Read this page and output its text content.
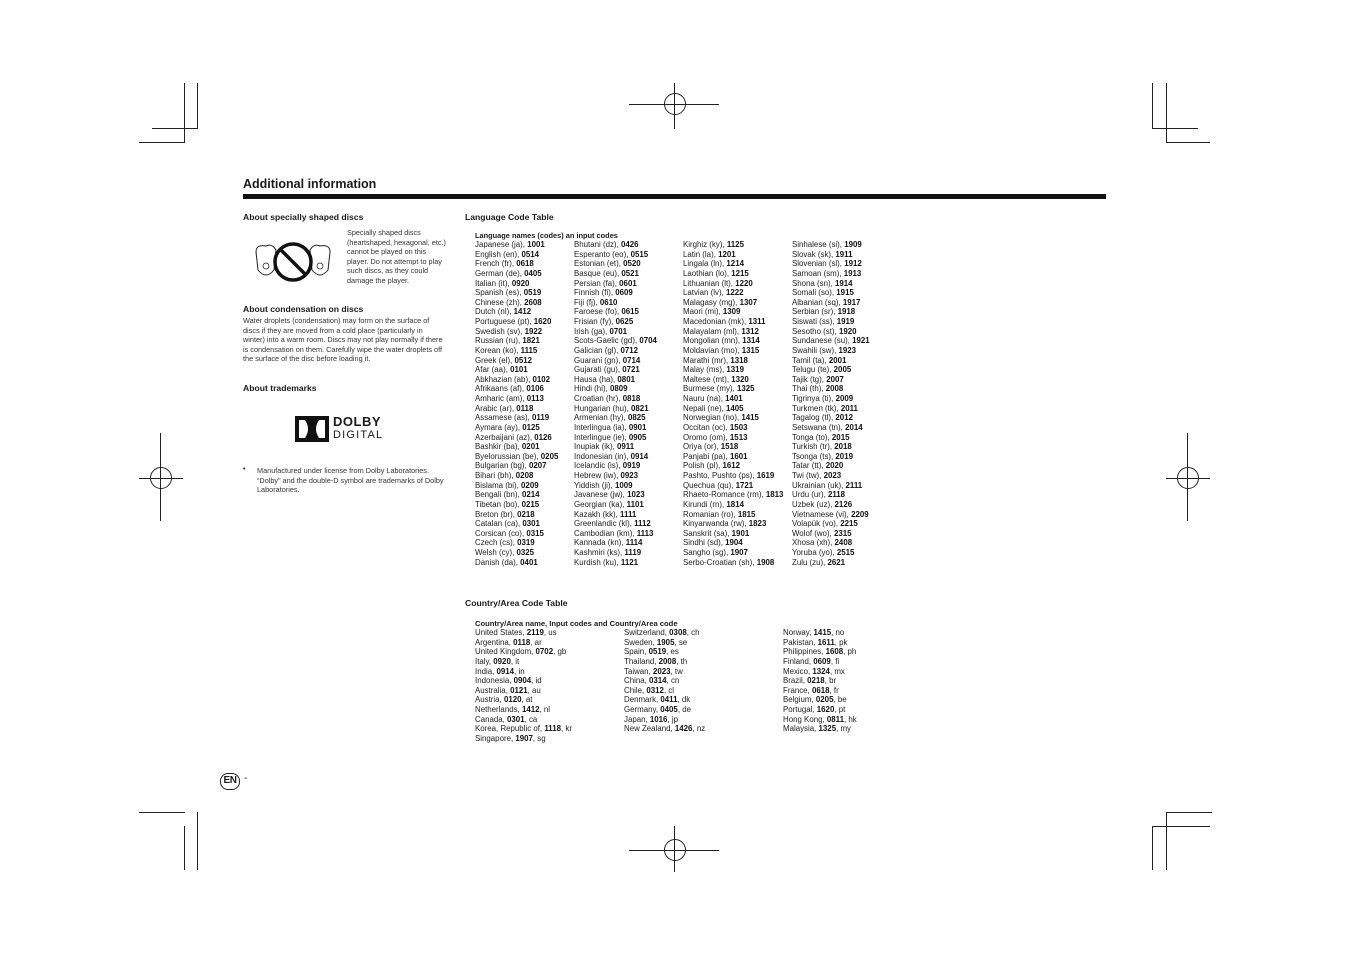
Additional information
About specially shaped discs
Specially shaped discs (heartshaped, hexagonal, etc.) cannot be played on this player. Do not attempt to play such discs, as they could damage the player.
About condensation on discs
Water droplets (condensation) may form on the surface of discs if they are moved from a cold place (particularly in winter) into a warm room. Discs may not play normally if there is condensation on them. Carefully wipe the water droplets off the surface of the disc before loading it.
About trademarks
DOLBY
DIGITAL
• Manufactured under license from Dolby Laboratories. “Dolby” and the double-D symbol are trademarks of Dolby Laboratories.
Language Code Table
Language names (codes) an input codes
Japanese (ja), 1001
English (en), 0514
French (fr), 0618
German (de), 0405
Italian (it), 0920
Spanish (es), 0519
Chinese (zh), 2608
Dutch (nl), 1412
Portuguese (pt), 1620
Swedish (sv), 1922
Russian (ru), 1821
Korean (ko), 1115
Greek (el), 0512
Afar (aa), 0101
Abkhazian (ab), 0102
Afrikaans (af), 0106
Amharic (am), 0113
Arabic (ar), 0118
Assamese (as), 0119
Aymara (ay), 0125
Azerbaijani (az), 0126
Bashkir (ba), 0201
Byelorussian (be), 0205
Bulgarian (bg), 0207
Bihari (bh), 0208
Bislama (bi), 0209
Bengali (bn), 0214
Tibetan (bo), 0215
Breton (br), 0218
Catalan (ca), 0301
Corsican (co), 0315
Czech (cs), 0319
Welsh (cy), 0325
Danish (da), 0401
Bhutani (dz), 0426
Esperanto (eo), 0515
Estonian (et), 0520
Basque (eu), 0521
Persian (fa), 0601
Finnish (fi), 0609
Fiji (fj), 0610
Faroese (fo), 0615
Frisian (fy), 0625
Irish (ga), 0701
Scots-Gaelic (gd), 0704
Galician (gl), 0712
Guarani (gn), 0714
Gujarati (gu), 0721
Hausa (ha), 0801
Hindi (hi), 0809
Croatian (hr), 0818
Hungarian (hu), 0821
Armenian (hy), 0825
Interlingua (ia), 0901
Interlingue (ie), 0905
Inupiak (ik), 0911
Indonesian (in), 0914
Icelandic (is), 0919
Hebrew (iw), 0923
Yiddish (ji), 1009
Javanese (jw), 1023
Georgian (ka), 1101
Kazakh (kk), 1111
Greenlandic (kl), 1112
Cambodian (km), 1113
Kannada (kn), 1114
Kashmiri (ks), 1119
Kurdish (ku), 1121
Kirghiz (ky), 1125
Latin (la), 1201
Lingala (ln), 1214
Laothian (lo), 1215
Lithuanian (lt), 1220
Latvian (lv), 1222
Malagasy (mg), 1307
Maori (mi), 1309
Macedonian (mk), 1311
Malayalam (ml), 1312
Mongolian (mn), 1314
Moldavian (mo), 1315
Marathi (mr), 1318
Malay (ms), 1319
Maltese (mt), 1320
Burmese (my), 1325
Nauru (na), 1401
Nepali (ne), 1405
Norwegian (no), 1415
Occitan (oc), 1503
Oromo (om), 1513
Oriya (or), 1518
Panjabi (pa), 1601
Polish (pl), 1612
Pashto, Pushto (ps), 1619
Quechua (qu), 1721
Rhaeto-Romance (rm), 1813
Kirundi (rn), 1814
Romanian (ro), 1815
Kinyarwanda (rw), 1823
Sanskrit (sa), 1901
Sindhi (sd), 1904
Sangho (sg), 1907
Serbo-Croatian (sh), 1908
Sinhalese (si), 1909
Slovak (sk), 1911
Slovenian (sl), 1912
Samoan (sm), 1913
Shona (sn), 1914
Somali (so), 1915
Albanian (sq), 1917
Serbian (sr), 1918
Siswati (ss), 1919
Sesotho (st), 1920
Sundanese (su), 1921
Swahili (sw), 1923
Tamil (ta), 2001
Telugu (te), 2005
Tajik (tg), 2007
Thai (th), 2008
Tigrinya (ti), 2009
Turkmen (tk), 2011
Tagalog (tl), 2012
Setswana (tn), 2014
Tonga (to), 2015
Turkish (tr), 2018
Tsonga (ts), 2019
Tatar (tt), 2020
Twi (tw), 2023
Ukrainian (uk), 2111
Urdu (ur), 2118
Uzbek (uz), 2126
Vietnamese (vi), 2209
Volapük (vo), 2215
Wolof (wo), 2315
Xhosa (xh), 2408
Yoruba (yo), 2515
Zulu (zu), 2621
Country/Area Code Table
Country/Area name, Input codes and Country/Area code
United States, 2119, us
Argentina, 0118, ar
United Kingdom, 0702, gb
Italy, 0920, it
India, 0914, in
Indonesia, 0904, id
Australia, 0121, au
Austria, 0120, at
Netherlands, 1412, nl
Canada, 0301, ca
Korea, Republic of, 1118, kr
Singapore, 1907, sg
Switzerland, 0308, ch
Sweden, 1905, se
Spain, 0519, es
Thailand, 2008, th
Taiwan, 2023, tw
China, 0314, cn
Chile, 0312, cl
Denmark, 0411, dk
Germany, 0405, de
Japan, 1016, jp
New Zealand, 1426, nz
Norway, 1415, no
Pakistan, 1611, pk
Philippines, 1608, ph
Finland, 0609, fi
Mexico, 1324, mx
Brazil, 0218, br
France, 0618, fr
Belgium, 0205, be
Portugal, 1620, pt
Hong Kong, 0811, hk
Malaysia, 1325, my
EN -
